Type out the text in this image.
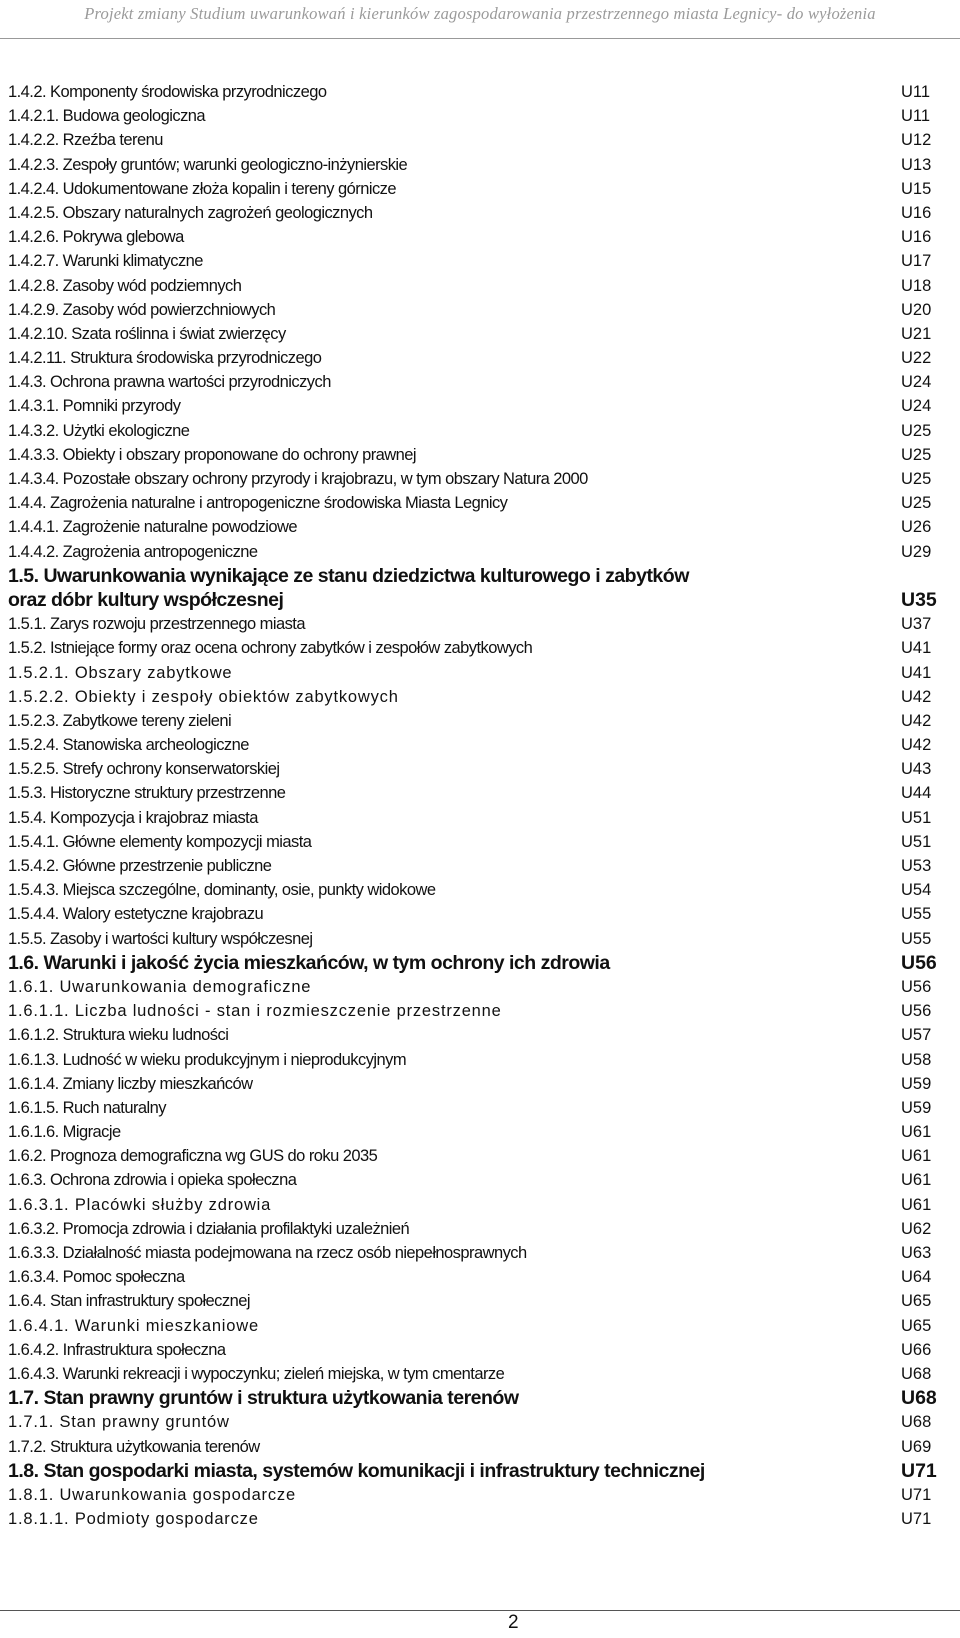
Projekt zmiany Studium uwarunkowań i kierunków zagospodarowania przestrzennego miasta Legnicy- do wyłożenia
1.4.2. Komponenty środowiska przyrodniczego	U11
1.4.2.1. Budowa geologiczna	U11
1.4.2.2. Rzeźba terenu	U12
1.4.2.3. Zespoły gruntów; warunki geologiczno-inżynierskie	U13
1.4.2.4. Udokumentowane złoża kopalin i tereny górnicze	U15
1.4.2.5. Obszary naturalnych zagrożeń geologicznych	U16
1.4.2.6. Pokrywa glebowa	U16
1.4.2.7. Warunki klimatyczne	U17
1.4.2.8. Zasoby wód podziemnych	U18
1.4.2.9. Zasoby wód powierzchniowych	U20
1.4.2.10. Szata roślinna i świat zwierzęcy	U21
1.4.2.11. Struktura środowiska przyrodniczego	U22
1.4.3. Ochrona prawna wartości przyrodniczych	U24
1.4.3.1. Pomniki przyrody	U24
1.4.3.2. Użytki ekologiczne	U25
1.4.3.3. Obiekty i obszary proponowane do ochrony prawnej	U25
1.4.3.4. Pozostałe obszary ochrony przyrody i krajobrazu, w tym obszary Natura 2000	U25
1.4.4. Zagrożenia naturalne i antropogeniczne środowiska Miasta Legnicy	U25
1.4.4.1. Zagrożenie naturalne powodziowe	U26
1.4.4.2. Zagrożenia antropogeniczne	U29
1.5. Uwarunkowania wynikające ze stanu dziedzictwa kulturowego i zabytków
oraz dóbr kultury współczesnej	U35
1.5.1. Zarys rozwoju przestrzennego miasta	U37
1.5.2. Istniejące formy oraz ocena ochrony zabytków i zespołów zabytkowych	U41
1.5.2.1. Obszary zabytkowe	U41
1.5.2.2. Obiekty i zespoły obiektów zabytkowych	U42
1.5.2.3. Zabytkowe tereny zieleni	U42
1.5.2.4. Stanowiska archeologiczne	U42
1.5.2.5. Strefy ochrony konserwatorskiej	U43
1.5.3. Historyczne struktury przestrzenne	U44
1.5.4. Kompozycja i krajobraz miasta	U51
1.5.4.1. Główne elementy kompozycji miasta	U51
1.5.4.2. Główne przestrzenie publiczne	U53
1.5.4.3. Miejsca szczególne, dominanty, osie, punkty widokowe	U54
1.5.4.4. Walory estetyczne krajobrazu	U55
1.5.5. Zasoby i wartości kultury współczesnej	U55
1.6. Warunki i jakość życia mieszkańców, w tym ochrony ich zdrowia	U56
1.6.1. Uwarunkowania demograficzne	U56
1.6.1.1. Liczba ludności - stan i rozmieszczenie przestrzenne	U56
1.6.1.2. Struktura wieku ludności	U57
1.6.1.3. Ludność w wieku produkcyjnym i nieprodukcyjnym	U58
1.6.1.4. Zmiany liczby mieszkańców	U59
1.6.1.5. Ruch naturalny	U59
1.6.1.6. Migracje	U61
1.6.2. Prognoza demograficzna wg GUS do roku 2035	U61
1.6.3. Ochrona zdrowia i opieka społeczna	U61
1.6.3.1. Placówki służby zdrowia	U61
1.6.3.2. Promocja zdrowia i działania profilaktyki uzależnień	U62
1.6.3.3. Działalność miasta podejmowana na rzecz osób niepełnosprawnych	U63
1.6.3.4. Pomoc społeczna	U64
1.6.4. Stan infrastruktury społecznej	U65
1.6.4.1. Warunki mieszkaniowe	U65
1.6.4.2. Infrastruktura społeczna	U66
1.6.4.3. Warunki rekreacji i wypoczynku; zieleń miejska, w tym cmentarze	U68
1.7. Stan prawny gruntów i struktura użytkowania terenów	U68
1.7.1. Stan prawny gruntów	U68
1.7.2. Struktura użytkowania terenów	U69
1.8. Stan gospodarki miasta, systemów komunikacji i infrastruktury technicznej	U71
1.8.1. Uwarunkowania gospodarcze	U71
1.8.1.1. Podmioty gospodarcze	U71
2
